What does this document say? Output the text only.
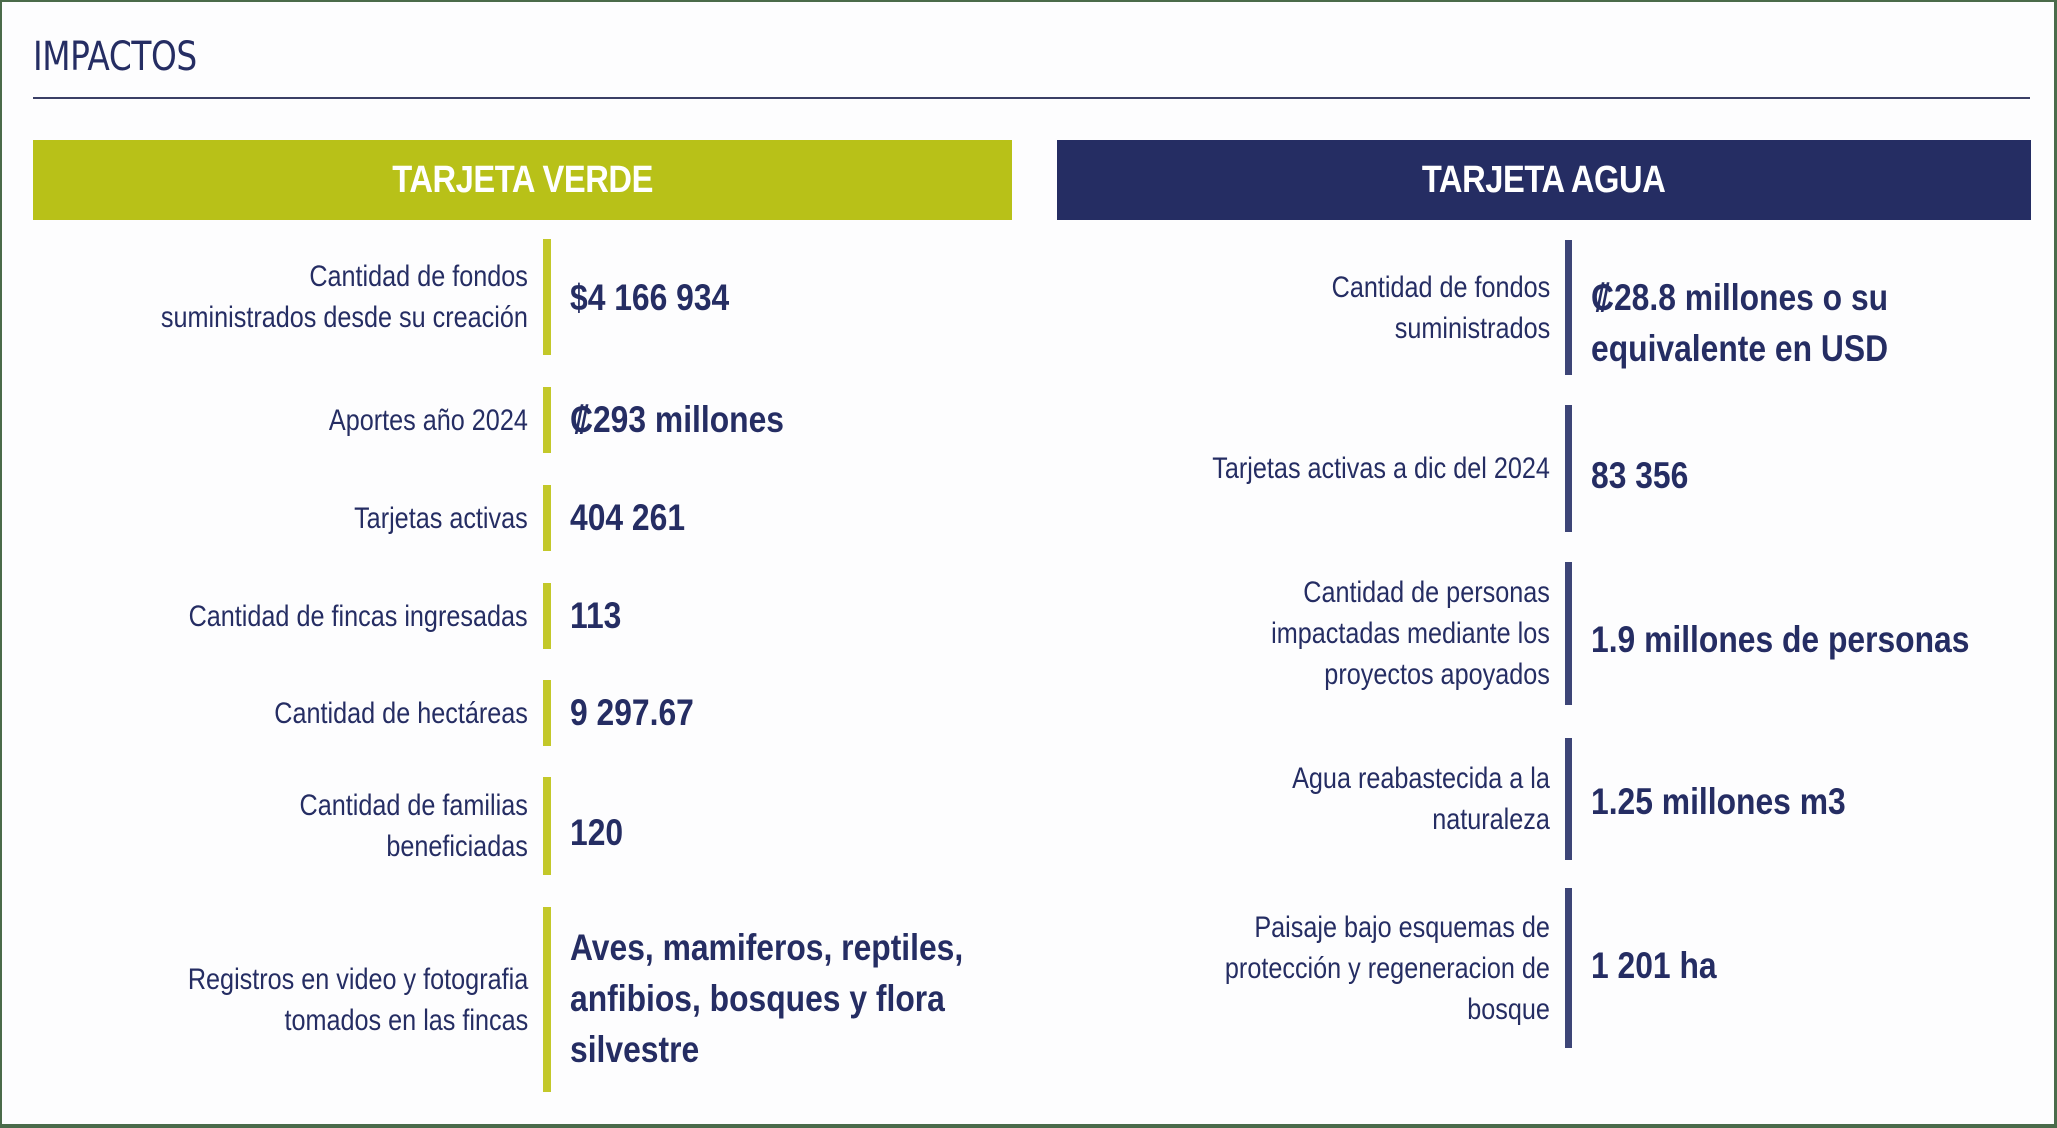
IMPACTOS
TARJETA VERDE	TARJETA AGUA
Cantidad de fondos
suministrados desde su creación $4 166 934
Aportes año 2024 ₡293 millones
Tarjetas activas 404 261
Cantidad de fincas ingresadas 113
Cantidad de hectáreas 9 297.67
Cantidad de familias
beneficiadas 120
Registros en video y fotografia
tomados en las fincas
Aves, mamiferos, reptiles,
anfibios, bosques y flora
silvestre
Cantidad de fondos
suministrados
₡28.8 millones o su
equivalente en USD
Tarjetas activas a dic del 2024 83 356
Cantidad de personas
impactadas mediante los
proyectos apoyados
1.9 millones de personas
Agua reabastecida a la
naturaleza 1.25 millones m3
Paisaje bajo esquemas de
protección y regeneracion de
bosque
1 201 ha
